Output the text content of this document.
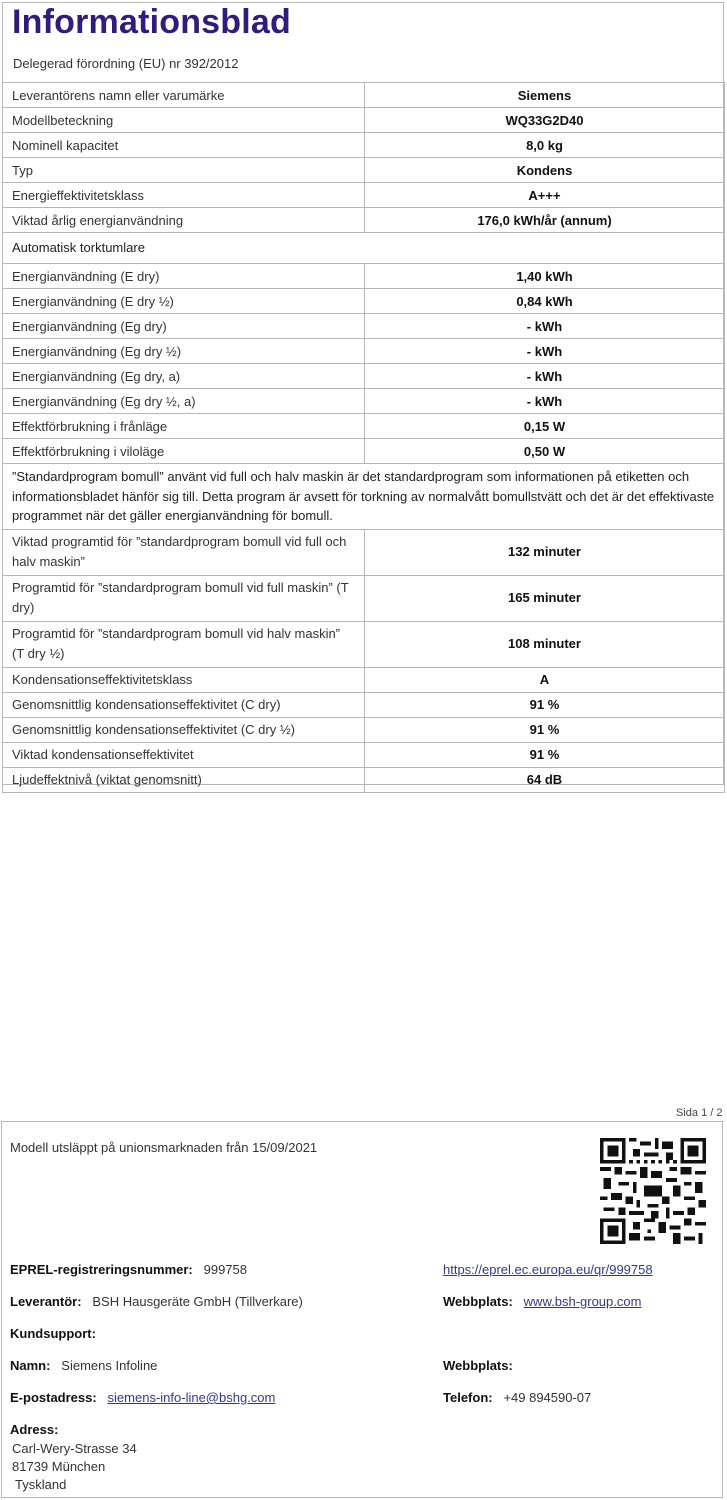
Informationsblad
Delegerad förordning (EU) nr 392/2012
Leverantörens namn eller varumärke	Siemens
Modellbeteckning	WQ33G2D40
Nominell kapacitet	8,0 kg
Typ	Kondens
Energieffektivitetsklass	A+++
Viktad årlig energianvändning	176,0 kWh/år (annum)
Automatisk torktumlare	
Energianvändning (E dry)	1,40 kWh
Energianvändning (E dry ½)	0,84 kWh
Energianvändning (Eg dry)	- kWh
Energianvändning (Eg dry ½)	- kWh
Energianvändning (Eg dry, a)	- kWh
Energianvändning (Eg dry ½, a)	- kWh
Effektförbrukning i frånläge	0,15 W
Effektförbrukning i viloläge	0,50 W
”Standardprogram bomull” använt vid full och halv maskin är det standardprogram som informationen på etiketten och informationsbladet hänför sig till. Detta program är avsett för torkning av normalvått bomullstvätt och det är det effektivaste programmet när det gäller energianvändning för bomull.	
Viktad programtid för ”standardprogram bomull vid full och halv maskin”	132 minuter
Programtid för ”standardprogram bomull vid full maskin” (T dry)	165 minuter
Programtid för ”standardprogram bomull vid halv maskin” (T dry ½)	108 minuter
Kondensationseffektivitetsklass	A
Genomsnittlig kondensationseffektivitet (C dry)	91 %
Genomsnittlig kondensationseffektivitet (C dry ½)	91 %
Viktad kondensationseffektivitet	91 %
Ljudeffektnivå (viktat genomsnitt)	64 dB
Sida 1 / 2
Modell utsläppt på unionsmarknaden från 15/09/2021
EPREL-registreringsnummer: 999758	https://eprel.ec.europa.eu/qr/999758
Leverantör: BSH Hausgeräte GmbH (Tillverkare)	Webbplats: www.bsh-group.com
Kundsupport:
Namn: Siemens Infoline	Webbplats:
E-postadress: siemens-info-line@bshg.com	Telefon: +49 894590-07
Adress:
Carl-Wery-Strasse 34
81739 München
Tyskland
